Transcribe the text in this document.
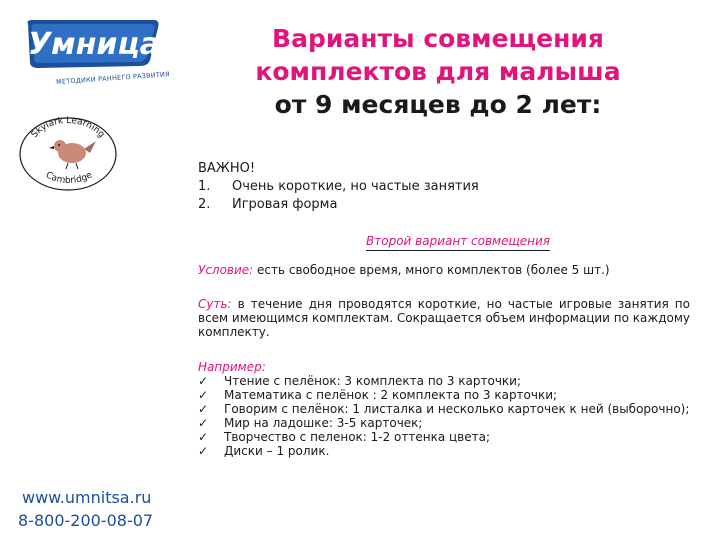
Умница
МЕТОДИКИ РАННЕГО РАЗВИТИЯ
Skylark Learning
Cambridge
Варианты совмещения
комплектов для малыша
от 9 месяцев до 2 лет:
ВАЖНО!
1.	Очень короткие, но частые занятия
2.	Игровая форма
Второй вариант совмещения
Условие: есть свободное время, много комплектов (более 5 шт.)
Суть: в течение дня проводятся короткие, но частые игровые занятия по всем имеющимся комплектам. Сокращается объем информации по каждому комплекту.
Например:
✓	Чтение с пелёнок: 3 комплекта по 3 карточки;
✓	Математика с пелёнок : 2 комплекта по 3 карточки;
✓	Говорим с пелёнок: 1 листалка и несколько карточек к ней (выборочно);
✓	Мир на ладошке: 3-5 карточек;
✓	Творчество с пеленок: 1-2 оттенка цвета;
✓	Диски – 1 ролик.
www.umnitsa.ru
8-800-200-08-07
